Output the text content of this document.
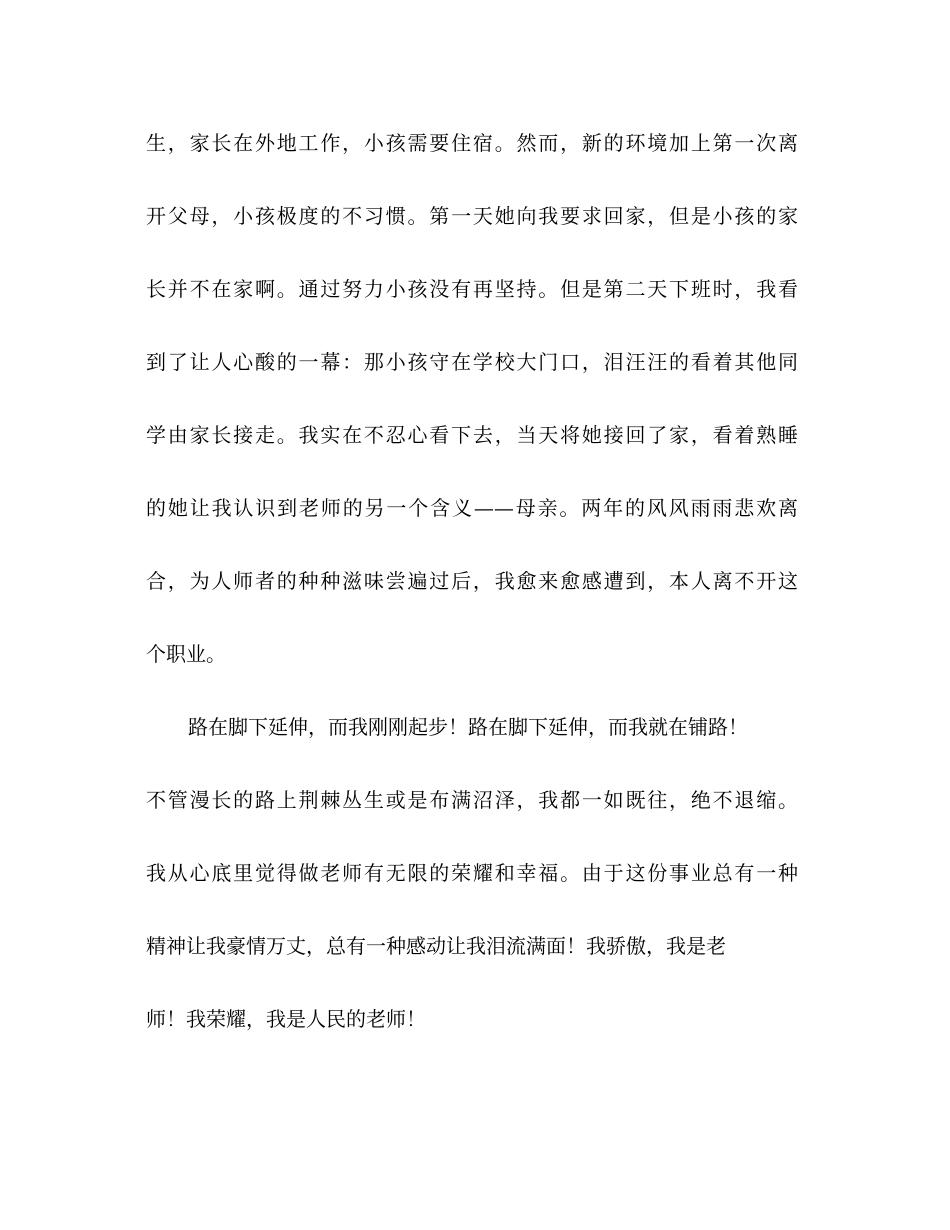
生，家长在外地工作，小孩需要住宿。然而，新的环境加上第一次离
开父母，小孩极度的不习惯。第一天她向我要求回家，但是小孩的家
长并不在家啊。通过努力小孩没有再坚持。但是第二天下班时，我看
到了让人心酸的一幕：那小孩守在学校大门口，泪汪汪的看着其他同
学由家长接走。我实在不忍心看下去，当天将她接回了家，看着熟睡
的她让我认识到老师的另一个含义——母亲。两年的风风雨雨悲欢离
合，为人师者的种种滋味尝遍过后，我愈来愈感遭到，本人离不开这
个职业。
路在脚下延伸，而我刚刚起步！路在脚下延伸，而我就在铺路！
不管漫长的路上荆棘丛生或是布满沼泽，我都一如既往，绝不退缩。
我从心底里觉得做老师有无限的荣耀和幸福。由于这份事业总有一种
精神让我豪情万丈，总有一种感动让我泪流满面！我骄傲，我是老
师！我荣耀，我是人民的老师！
